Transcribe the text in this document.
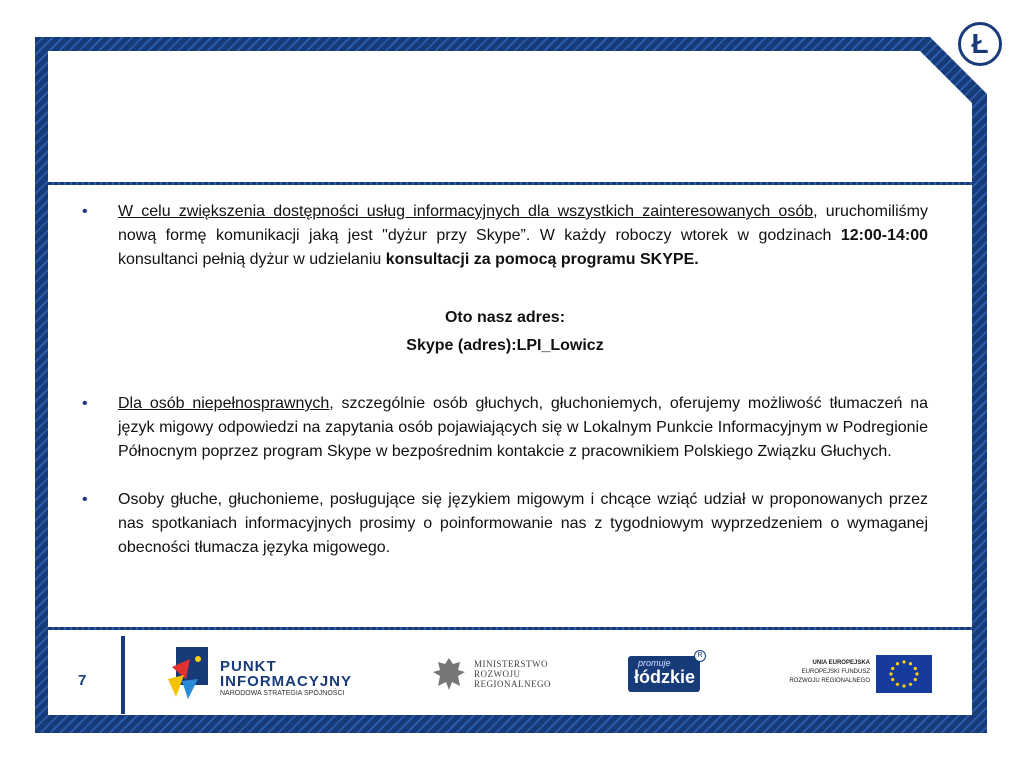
Ł
• W celu zwiększenia dostępności usług informacyjnych dla wszystkich zainteresowanych osób, uruchomiliśmy nową formę komunikacji jaką jest "dyżur przy Skype”. W każdy roboczy wtorek w godzinach 12:00-14:00 konsultanci pełnią dyżur w udzielaniu konsultacji za pomocą programu SKYPE.
Oto nasz adres:
Skype (adres):LPI_Lowicz
• Dla osób niepełnosprawnych, szczególnie osób głuchych, głuchoniemych, oferujemy możliwość tłumaczeń na język migowy odpowiedzi na zapytania osób pojawiających się w Lokalnym Punkcie Informacyjnym w Podregionie Północnym poprzez program Skype w bezpośrednim kontakcie z pracownikiem Polskiego Związku Głuchych.
• Osoby głuche, głuchonieme, posługujące się językiem migowym i chcące wziąć udział w proponowanych przez nas spotkaniach informacyjnych prosimy o poinformowanie nas z tygodniowym wyprzedzeniem o wymaganej obecności tłumacza języka migowego.
7
PUNKT
INFORMACYJNY
NARODOWA STRATEGIA SPÓJNOŚCI
MINISTERSTWO
ROZWOJU
REGIONALNEGO
promuje
łódzkie
R
UNIA EUROPEJSKA
EUROPEJSKI FUNDUSZ
ROZWOJU REGIONALNEGO
